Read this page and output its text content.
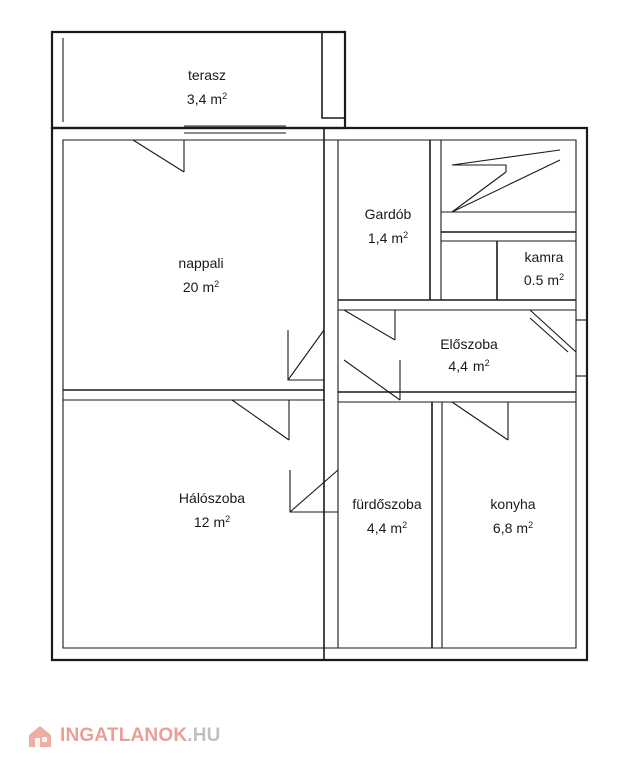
terasz
3,4 $m^2$
nappali
20 $m^2$
Gardób
1,4 $m^2$
kamra
0.5 $m^2$
Előszoba
4,4 $m^2$
Hálószoba
12 $m^2$
fürdőszoba
4,4 $m^2$
konyha
6,8 $m^2$
INGATLANOK.HU
